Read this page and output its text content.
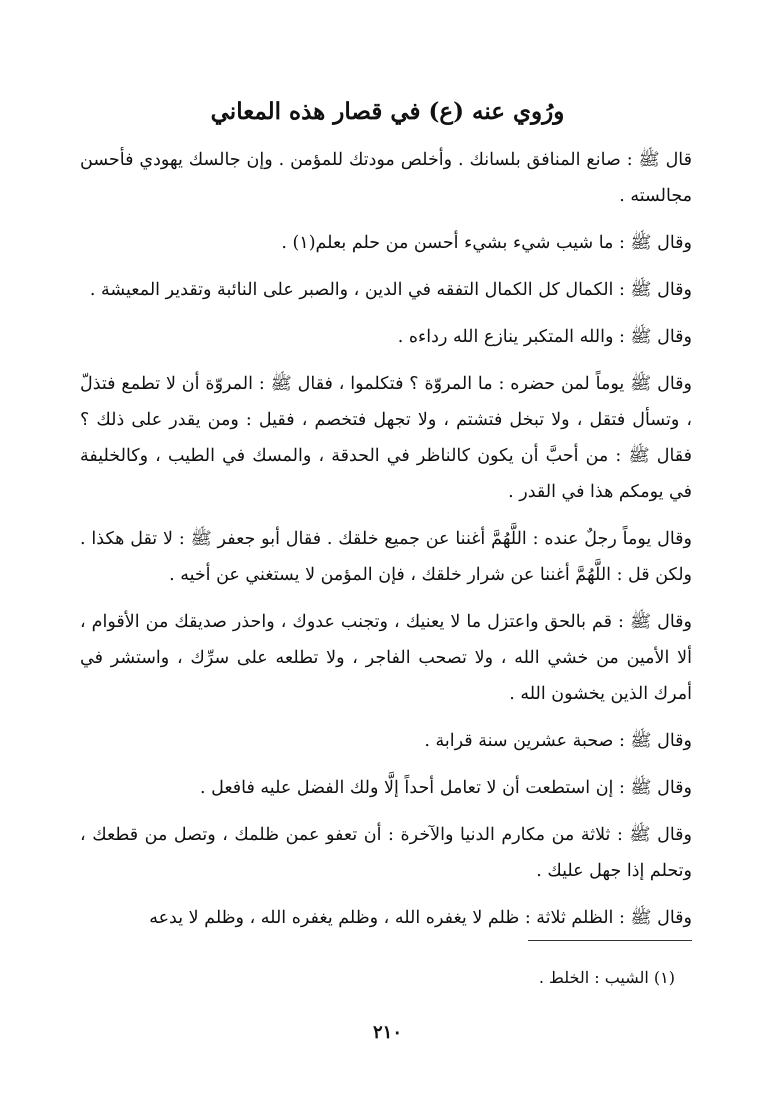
ورُوي عنه (ع) في قصار هذه المعاني

قال ﷺ : صانع المنافق بلسانك . وأخلص مودتك للمؤمن . وإن جالسك يهودي فأحسن مجالسته .

وقال ﷺ : ما شيب شيء بشيء أحسن من حلم بعلم(١) .

وقال ﷺ : الكمال كل الكمال التفقه في الدين ، والصبر على النائبة وتقدير المعيشة .

وقال ﷺ : والله المتكبر ينازع الله رداءه .

وقال ﷺ يوماً لمن حضره : ما المروّة ؟ فتكلموا ، فقال ﷺ : المروّة أن لا تطمع فتذلّ ، وتسأل فتقل ، ولا تبخل فتشتم ، ولا تجهل فتخصم ، فقيل : ومن يقدر على ذلك ؟ فقال ﷺ : من أحبَّ أن يكون كالناظر في الحدقة ، والمسك في الطيب ، وكالخليفة في يومكم هذا في القدر .

وقال يوماً رجلٌ عنده : اللَّهُمَّ أغننا عن جميع خلقك . فقال أبو جعفر ﷺ : لا تقل هكذا . ولكن قل : اللَّهُمَّ أغننا عن شرار خلقك ، فإن المؤمن لا يستغني عن أخيه .

وقال ﷺ : قم بالحق واعتزل ما لا يعنيك ، وتجنب عدوك ، واحذر صديقك من الأقوام ، ألا الأمين من خشي الله ، ولا تصحب الفاجر ، ولا تطلعه على سرِّك ، واستشر في أمرك الذين يخشون الله .

وقال ﷺ : صحبة عشرين سنة قرابة .

وقال ﷺ : إن استطعت أن لا تعامل أحداً إلَّا ولك الفضل عليه فافعل .

وقال ﷺ : ثلاثة من مكارم الدنيا والآخرة : أن تعفو عمن ظلمك ، وتصل من قطعك ، وتحلم إذا جهل عليك .

وقال ﷺ : الظلم ثلاثة : ظلم لا يغفره الله ، وظلم يغفره الله ، وظلم لا يدعه

(١) الشيب : الخلط .
٢١٠
